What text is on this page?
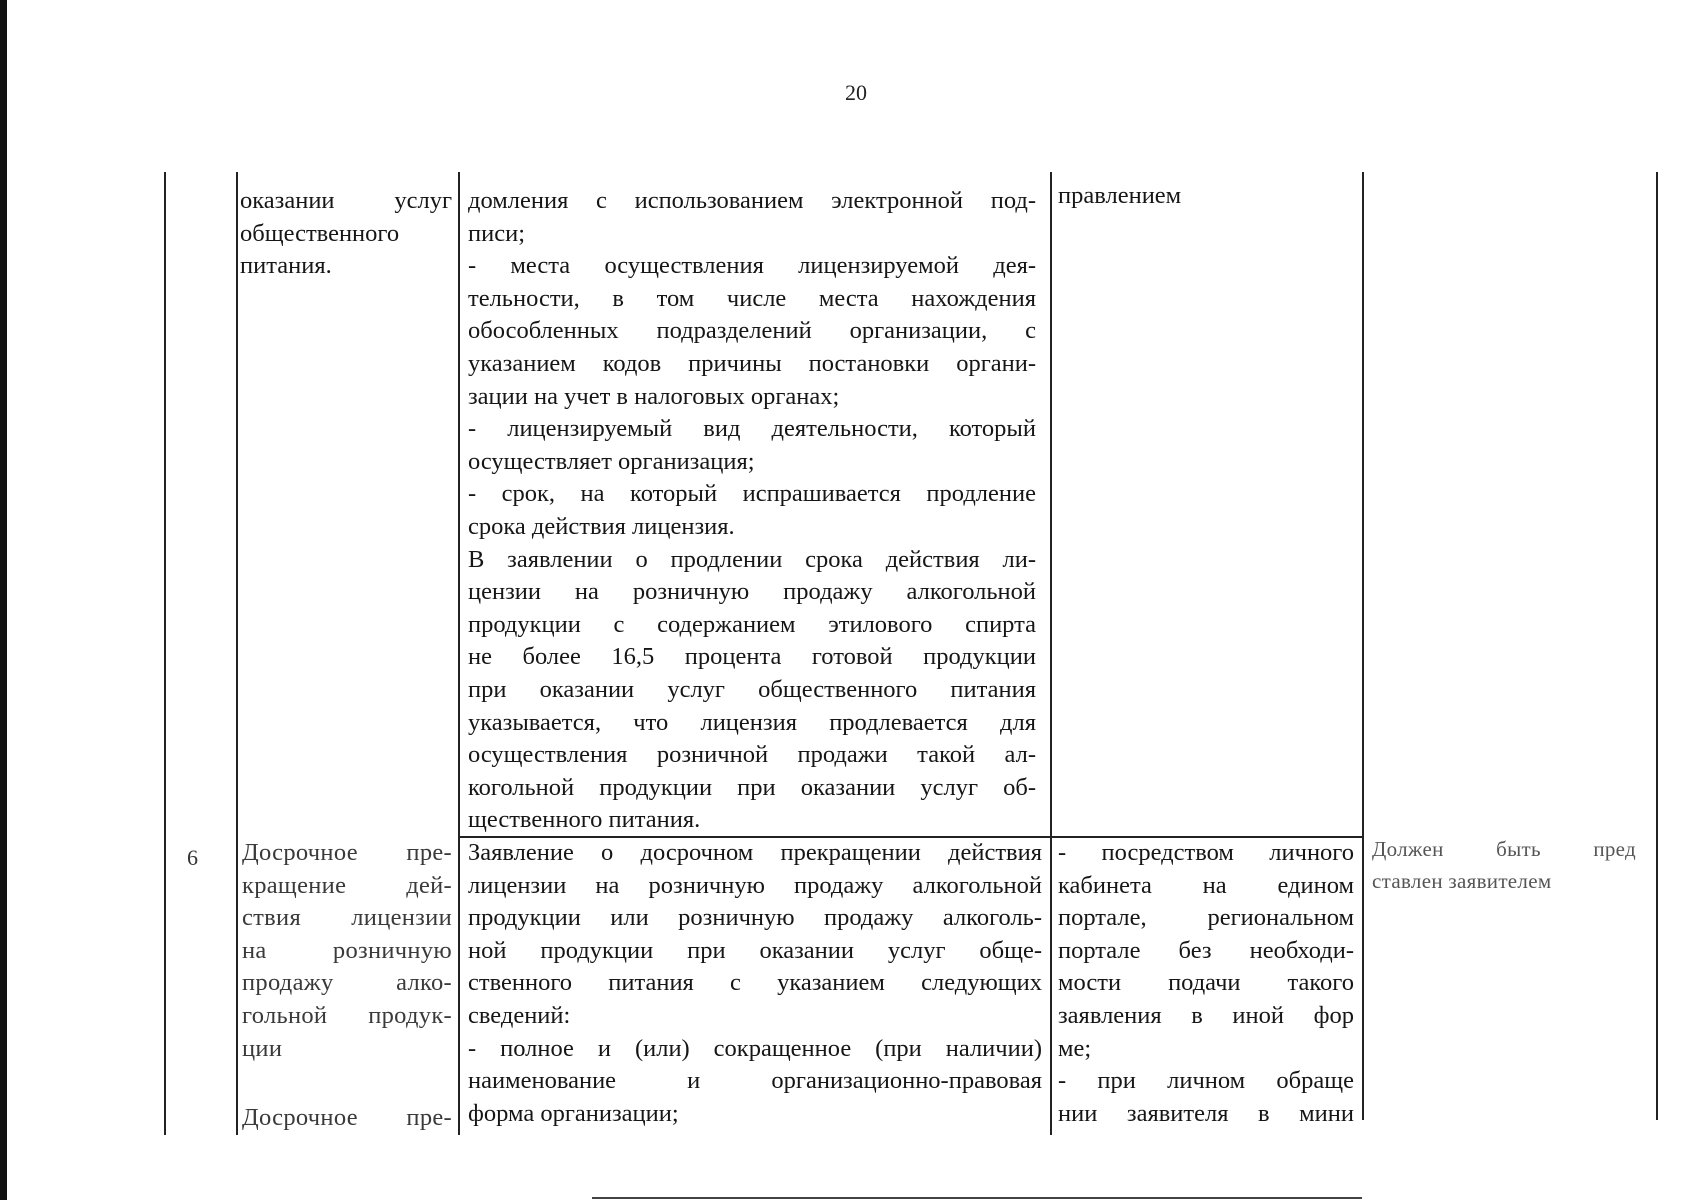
20
оказании услуг
общественного
питания.
домления с использованием электронной под-
писи;
- места осуществления лицензируемой дея-
тельности, в том числе места нахождения
обособленных подразделений организации, с
указанием кодов причины постановки органи-
зации на учет в налоговых органах;
- лицензируемый вид деятельности, который
осуществляет организация;
- срок, на который испрашивается продление
срока действия лицензия.
В заявлении о продлении срока действия ли-
цензии на розничную продажу алкогольной
продукции с содержанием этилового спирта
не более 16,5 процента готовой продукции
при оказании услуг общественного питания
указывается, что лицензия продлевается для
осуществления розничной продажи такой ал-
когольной продукции при оказании услуг об-
щественного питания.
правлением
6 Досрочное пре-
кращение дей-
ствия лицензии
на розничную
продажу алко-
гольной продук-
ции
Досрочное пре-
Заявление о досрочном прекращении действия
лицензии на розничную продажу алкогольной
продукции или розничную продажу алкоголь-
ной продукции при оказании услуг обще-
ственного питания с указанием следующих
сведений:
- полное и (или) сокращенное (при наличии)
наименование и организационно-правовая
форма организации;
- посредством личного
кабинета на едином
портале, региональном
портале без необходи-
мости подачи такого
заявления в иной фор
ме;
- при личном обраще
нии заявителя в мини
Должен быть пред
ставлен заявителем
